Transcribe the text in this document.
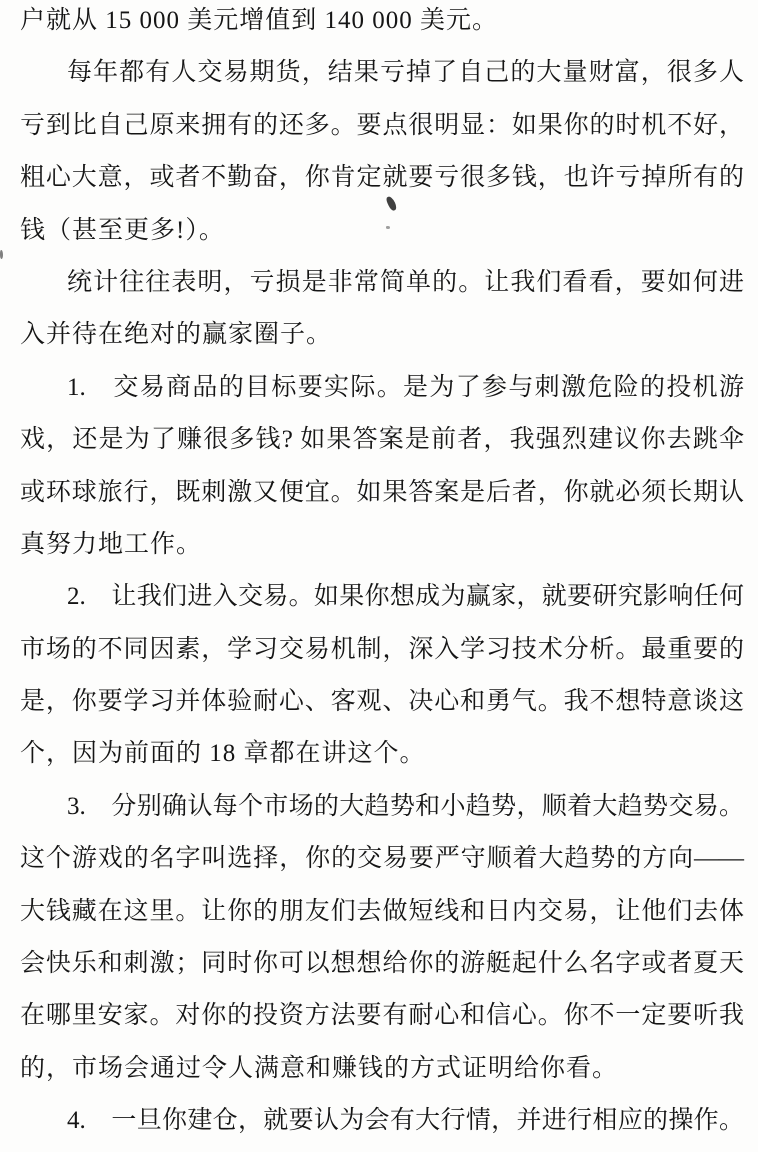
户就从 15 000 美元增值到 140 000 美元。
每年都有人交易期货，结果亏掉了自己的大量财富，很多人
亏到比自己原来拥有的还多。要点很明显：如果你的时机不好，
粗心大意，或者不勤奋，你肯定就要亏很多钱，也许亏掉所有的
钱（甚至更多!）。
统计往往表明，亏损是非常简单的。让我们看看，要如何进
入并待在绝对的赢家圈子。
1.　交易商品的目标要实际。是为了参与刺激危险的投机游
戏，还是为了赚很多钱? 如果答案是前者，我强烈建议你去跳伞
或环球旅行，既刺激又便宜。如果答案是后者，你就必须长期认
真努力地工作。
2.　让我们进入交易。如果你想成为赢家，就要研究影响任何
市场的不同因素，学习交易机制，深入学习技术分析。最重要的
是，你要学习并体验耐心、客观、决心和勇气。我不想特意谈这
个，因为前面的 18 章都在讲这个。
3.　分别确认每个市场的大趋势和小趋势，顺着大趋势交易。
这个游戏的名字叫选择，你的交易要严守顺着大趋势的方向——
大钱藏在这里。让你的朋友们去做短线和日内交易，让他们去体
会快乐和刺激；同时你可以想想给你的游艇起什么名字或者夏天
在哪里安家。对你的投资方法要有耐心和信心。你不一定要听我
的，市场会通过令人满意和赚钱的方式证明给你看。
4.　一旦你建仓，就要认为会有大行情，并进行相应的操作。
